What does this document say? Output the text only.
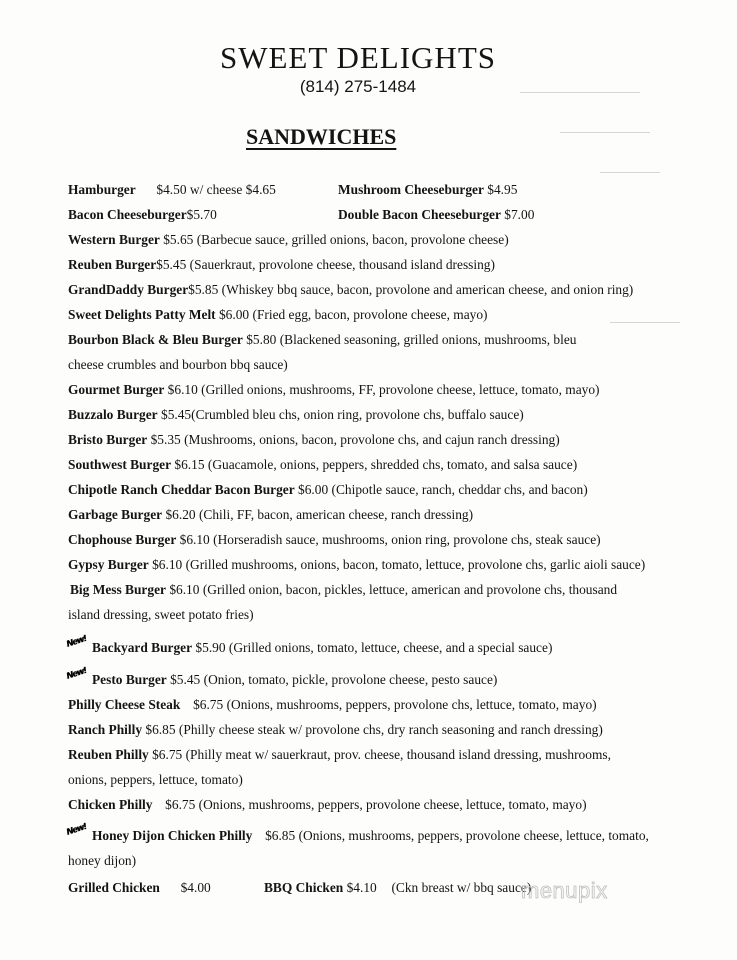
SWEET DELIGHTS
(814) 275-1484
SANDWICHES
Hamburger $4.50 w/ cheese $4.65	Mushroom Cheeseburger $4.95
Bacon Cheeseburger$5.70	Double Bacon Cheeseburger $7.00
Western Burger $5.65 (Barbecue sauce, grilled onions, bacon, provolone cheese)
Reuben Burger$5.45 (Sauerkraut, provolone cheese, thousand island dressing)
GrandDaddy Burger$5.85 (Whiskey bbq sauce, bacon, provolone and american cheese, and onion ring)
Sweet Delights Patty Melt $6.00 (Fried egg, bacon, provolone cheese, mayo)
Bourbon Black & Bleu Burger $5.80 (Blackened seasoning, grilled onions, mushrooms, bleu
cheese crumbles and bourbon bbq sauce)
Gourmet Burger $6.10 (Grilled onions, mushrooms, FF, provolone cheese, lettuce, tomato, mayo)
Buzzalo Burger $5.45(Crumbled bleu chs, onion ring, provolone chs, buffalo sauce)
Bristo Burger $5.35 (Mushrooms, onions, bacon, provolone chs, and cajun ranch dressing)
Southwest Burger $6.15 (Guacamole, onions, peppers, shredded chs, tomato, and salsa sauce)
Chipotle Ranch Cheddar Bacon Burger $6.00 (Chipotle sauce, ranch, cheddar chs, and bacon)
Garbage Burger $6.20 (Chili, FF, bacon, american cheese, ranch dressing)
Chophouse Burger $6.10 (Horseradish sauce, mushrooms, onion ring, provolone chs, steak sauce)
Gypsy Burger $6.10 (Grilled mushrooms, onions, bacon, tomato, lettuce, provolone chs, garlic aioli sauce)
Big Mess Burger $6.10 (Grilled onion, bacon, pickles, lettuce, american and provolone chs, thousand
island dressing, sweet potato fries)
New! Backyard Burger $5.90 (Grilled onions, tomato, lettuce, cheese, and a special sauce)
New! Pesto Burger $5.45 (Onion, tomato, pickle, provolone cheese, pesto sauce)
Philly Cheese Steak $6.75 (Onions, mushrooms, peppers, provolone chs, lettuce, tomato, mayo)
Ranch Philly $6.85 (Philly cheese steak w/ provolone chs, dry ranch seasoning and ranch dressing)
Reuben Philly $6.75 (Philly meat w/ sauerkraut, prov. cheese, thousand island dressing, mushrooms,
onions, peppers, lettuce, tomato)
Chicken Philly $6.75 (Onions, mushrooms, peppers, provolone cheese, lettuce, tomato, mayo)
New! Honey Dijon Chicken Philly $6.85 (Onions, mushrooms, peppers, provolone cheese, lettuce, tomato,
honey dijon)
Grilled Chicken $4.00	BBQ Chicken $4.10 (Ckn breast w/ bbq sauce)
menupix
